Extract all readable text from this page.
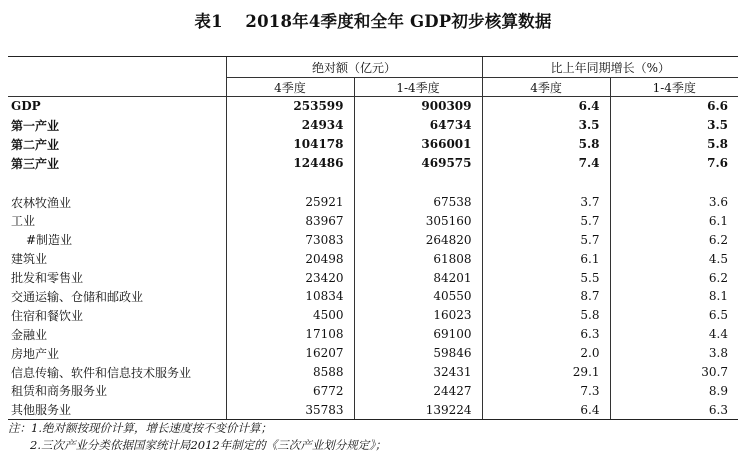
表1　 2018年4季度和全年 GDP初步核算数据
	绝对额（亿元）		比上年同期增长（%）	
	4季度	1-4季度	4季度	1-4季度
GDP	253599	900309	6.4	6.6
第一产业	24934	64734	3.5	3.5
第二产业	104178	366001	5.8	5.8
第三产业	124486	469575	7.4	7.6

农林牧渔业	25921	67538	3.7	3.6
工业	83967	305160	5.7	6.1
#制造业	73083	264820	5.7	6.2
建筑业	20498	61808	6.1	4.5
批发和零售业	23420	84201	5.5	6.2
交通运输、仓储和邮政业	10834	40550	8.7	8.1
住宿和餐饮业	4500	16023	5.8	6.5
金融业	17108	69100	6.3	4.4
房地产业	16207	59846	2.0	3.8
信息传输、软件和信息技术服务业	8588	32431	29.1	30.7
租赁和商务服务业	6772	24427	7.3	8.9
其他服务业	35783	139224	6.4	6.3
注：1.绝对额按现价计算，增长速度按不变价计算；
2.三次产业分类依据国家统计局2012年制定的《三次产业划分规定》；
